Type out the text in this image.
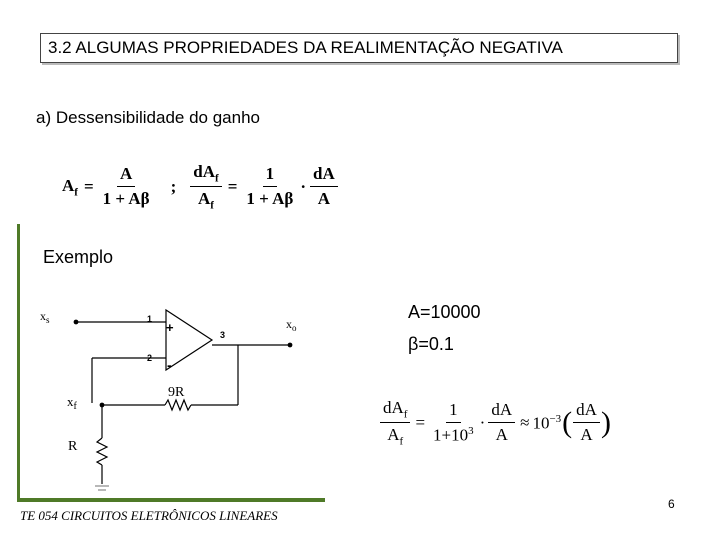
3.2 ALGUMAS PROPRIEDADES DA REALIMENTAÇÃO NEGATIVA
a) Dessensibilidade do ganho
$A_f = \frac{A}{1 + A\beta}$ ; $\frac{dA_f}{A_f} = \frac{1}{1 + A\beta} \cdot \frac{dA}{A}$
Exemplo
$x_s$	$x_o$
$x_f$
1
2
3
+
-
9R
R
A=10000
β=0.1
$\frac{dA_f}{A_f} = \frac{1}{1+10^3} \cdot \frac{dA}{A} \approx 10^{-3}$ ( $\frac{dA}{A}$ )
TE 054 CIRCUITOS ELETRÔNICOS LINEARES
6
